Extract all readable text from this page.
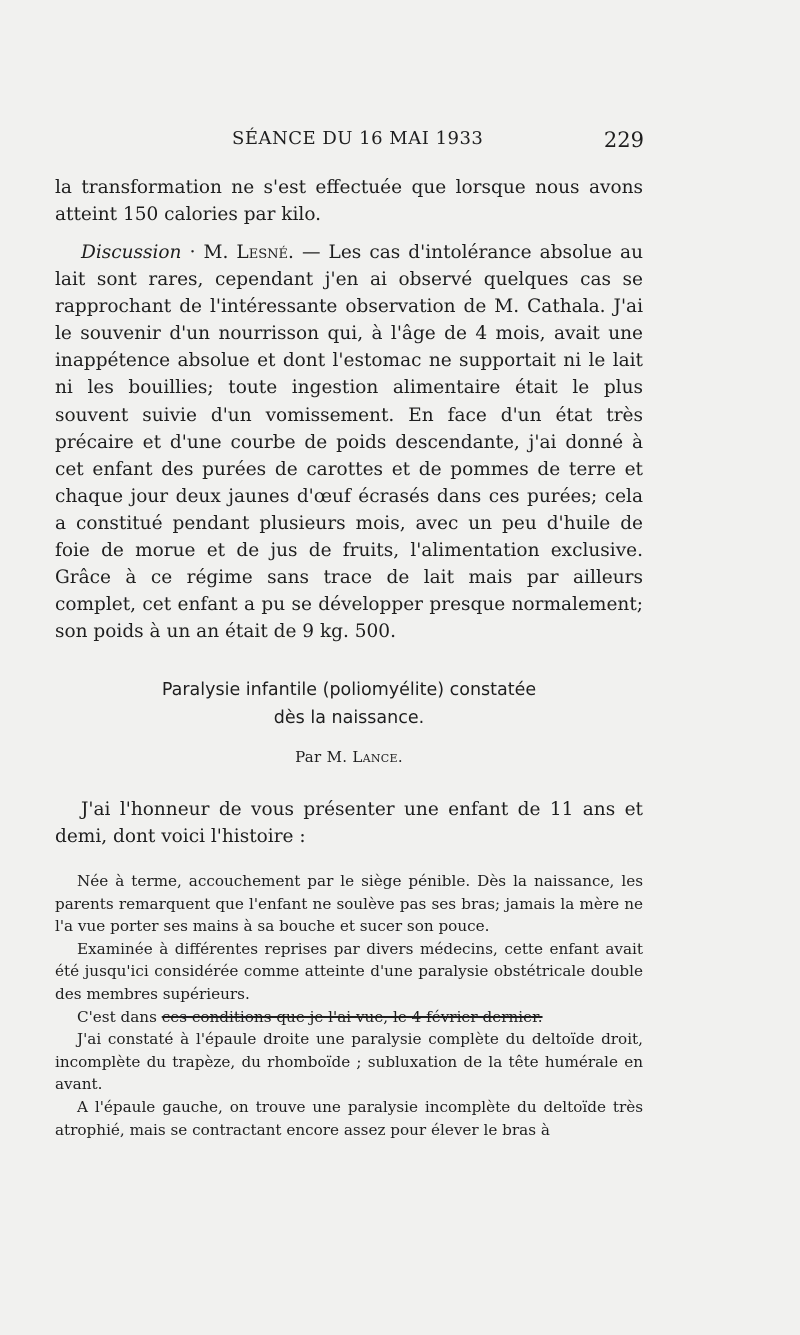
SÉANCE DU 16 MAI 1933	229

la transformation ne s'est effectuée que lorsque nous avons atteint 150 calories par kilo.

Discussion · M. Lesné. — Les cas d'intolérance absolue au lait sont rares, cependant j'en ai observé quelques cas se rapprochant de l'intéressante observation de M. Cathala. J'ai le souvenir d'un nourrisson qui, à l'âge de 4 mois, avait une inappétence absolue et dont l'estomac ne supportait ni le lait ni les bouillies; toute ingestion alimentaire était le plus souvent suivie d'un vomissement. En face d'un état très précaire et d'une courbe de poids descendante, j'ai donné à cet enfant des purées de carottes et de pommes de terre et chaque jour deux jaunes d'œuf écrasés dans ces purées; cela a constitué pendant plusieurs mois, avec un peu d'huile de foie de morue et de jus de fruits, l'alimentation exclusive. Grâce à ce régime sans trace de lait mais par ailleurs complet, cet enfant a pu se développer presque normalement; son poids à un an était de 9 kg. 500.

Paralysie infantile (poliomyélite) constatée
dès la naissance.
Par M. Lance.

J'ai l'honneur de vous présenter une enfant de 11 ans et demi, dont voici l'histoire :

Née à terme, accouchement par le siège pénible. Dès la naissance, les parents remarquent que l'enfant ne soulève pas ses bras; jamais la mère ne l'a vue porter ses mains à sa bouche et sucer son pouce.

Examinée à différentes reprises par divers médecins, cette enfant avait été jusqu'ici considérée comme atteinte d'une paralysie obstétricale double des membres supérieurs.

C'est dans ces conditions que je l'ai vue, le 4 février dernier.

J'ai constaté à l'épaule droite une paralysie complète du deltoïde droit, incomplète du trapèze, du rhomboïde ; subluxation de la tête humérale en avant.

A l'épaule gauche, on trouve une paralysie incomplète du deltoïde très atrophié, mais se contractant encore assez pour élever le bras à
